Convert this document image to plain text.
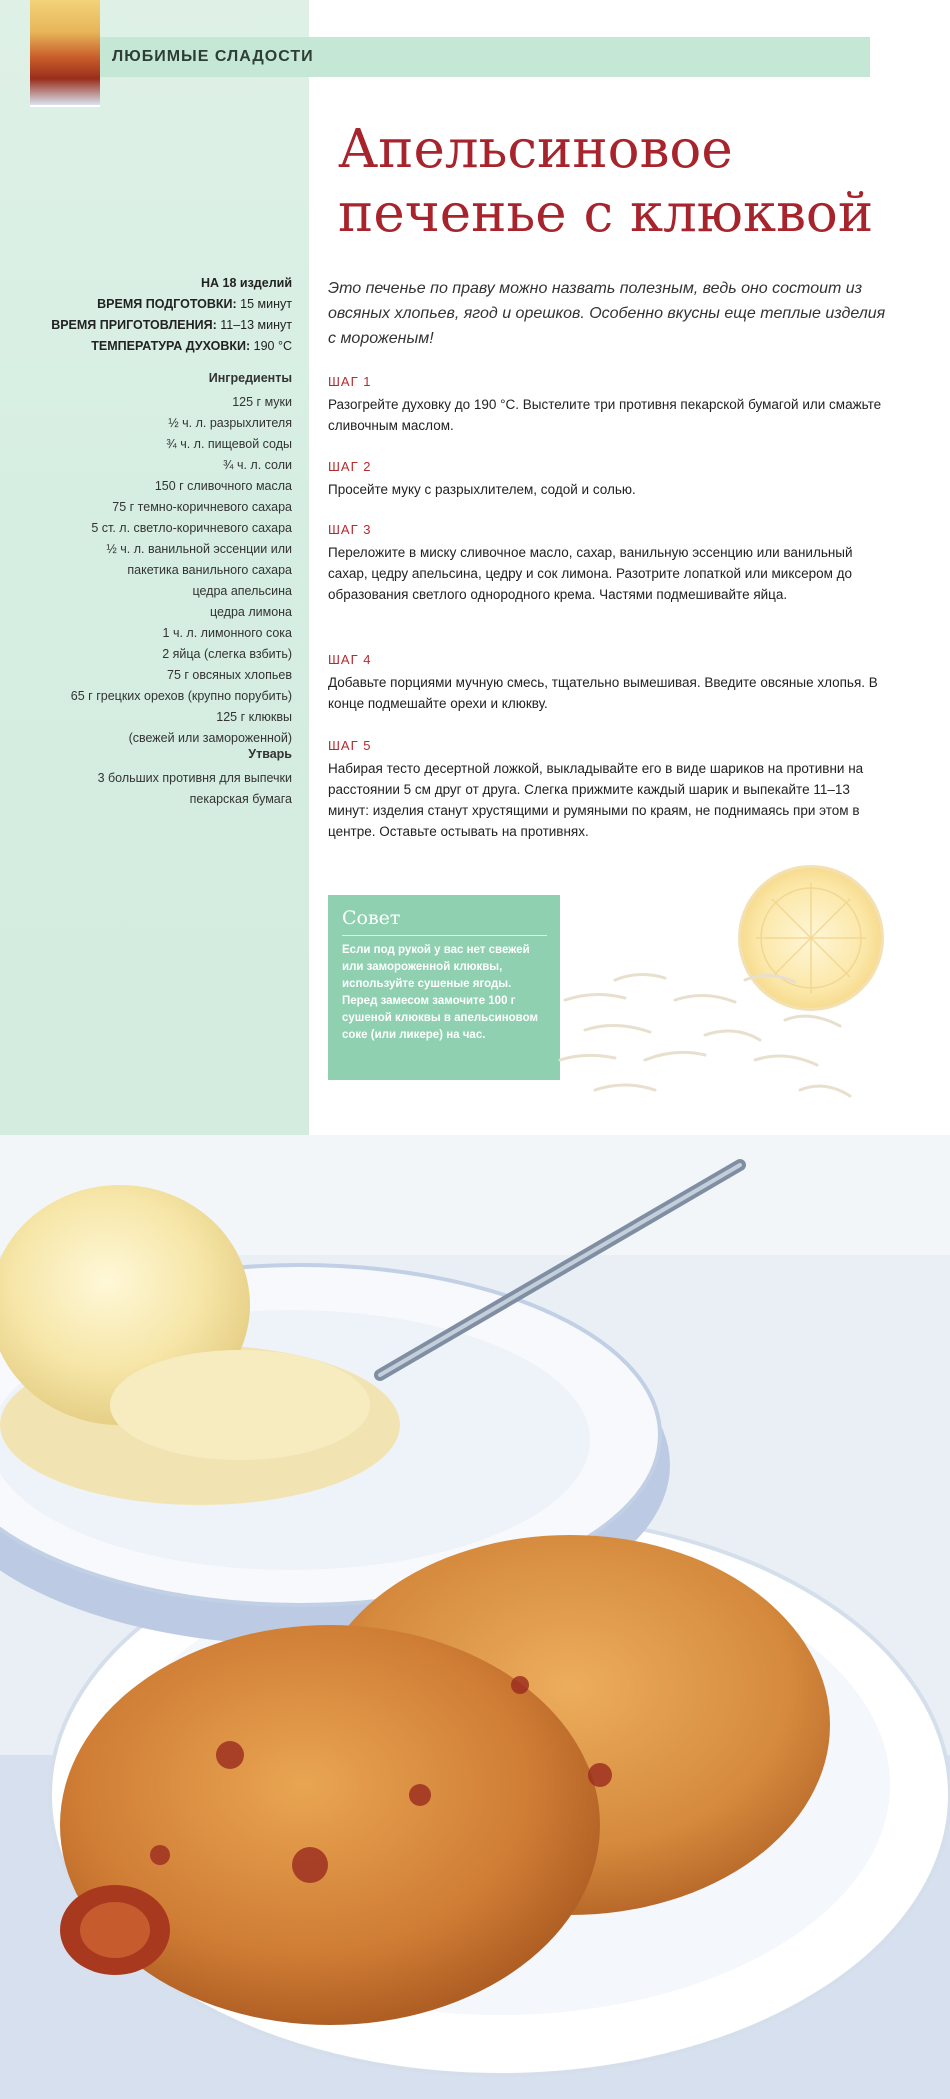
ЛЮБИМЫЕ СЛАДОСТИ
Апельсиновое
печенье с клюквой
НА 18 изделий
ВРЕМЯ ПОДГОТОВКИ: 15 минут
ВРЕМЯ ПРИГОТОВЛЕНИЯ: 11–13 минут
ТЕМПЕРАТУРА ДУХОВКИ: 190 °C
Ингредиенты
125 г муки
½ ч. л. разрыхлителя
¾ ч. л. пищевой соды
¾ ч. л. соли
150 г сливочного масла
75 г темно-коричневого сахара
5 ст. л. светло-коричневого сахара
½ ч. л. ванильной эссенции или
пакетика ванильного сахара
цедра апельсина
цедра лимона
1 ч. л. лимонного сока
2 яйца (слегка взбить)
75 г овсяных хлопьев
65 г грецких орехов (крупно порубить)
125 г клюквы
(свежей или замороженной)
Утварь
3 больших противня для выпечки
пекарская бумага

Это печенье по праву можно назвать полезным, ведь оно состоит из овсяных хлопьев, ягод и орешков. Особенно вкусны еще теплые изделия с мороженым!

ШАГ 1

Разогрейте духовку до 190 °C. Выстелите три противня пекарской бумагой или смажьте сливочным маслом.

ШАГ 2

Просейте муку с разрыхлителем, содой и солью.

ШАГ 3

Переложите в миску сливочное масло, сахар, ванильную эссенцию или ванильный сахар, цедру апельсина, цедру и сок лимона. Разотрите лопаткой или миксером до образования светлого однородного крема. Частями подмешивайте яйца.

ШАГ 4

Добавьте порциями мучную смесь, тщательно вымешивая. Введите овсяные хлопья. В конце подмешайте орехи и клюкву.

ШАГ 5

Набирая тесто десертной ложкой, выкладывайте его в виде шариков на противни на расстоянии 5 см друг от друга. Слегка прижмите каждый шарик и выпекайте 11–13 минут: изделия станут хрустящими и румяными по краям, не поднимаясь при этом в центре. Оставьте остывать на противнях.

Совет

Если под рукой у вас нет свежей или замороженной клюквы, используйте сушеные ягоды. Перед замесом замочите 100 г сушеной клюквы в апельсиновом соке (или ликере) на час.
